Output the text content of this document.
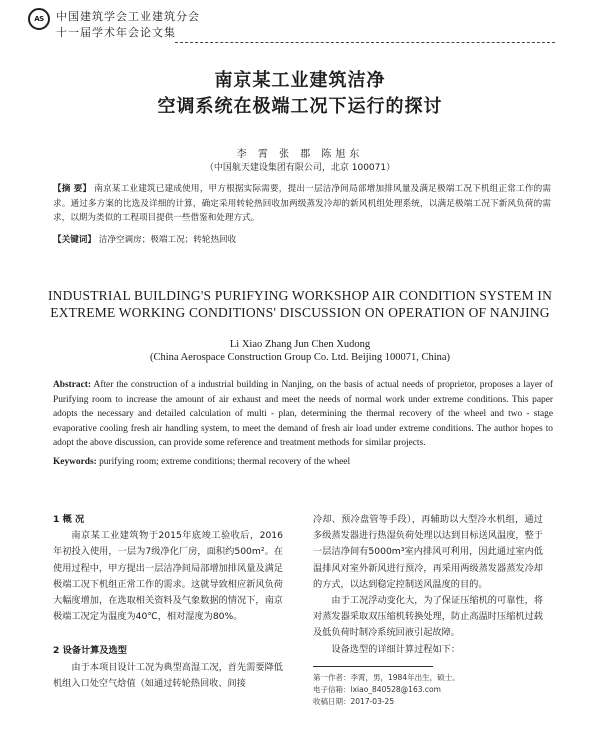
AS 中国建筑学会工业建筑分会
十一届学术年会论文集
南京某工业建筑洁净
空调系统在极端工况下运行的探讨
李 霄 张 郡 陈旭东
（中国航天建设集团有限公司，北京 100071）
【摘 要】 南京某工业建筑已建成使用，甲方根据实际需要，提出一层洁净间局部增加排风量及满足极端工况下机组正常工作的需求。通过多方案的比选及详细的计算，确定采用转轮热回收加两级蒸发冷却的新风机组处理系统，以满足极端工况下新风负荷的需求，以期为类似的工程项目提供一些借鉴和处理方式。
【关键词】 洁净空调房；极端工况；转轮热回收
INDUSTRIAL BUILDING'S PURIFYING WORKSHOP AIR CONDITION SYSTEM IN EXTREME WORKING CONDITIONS' DISCUSSION ON OPERATION OF NANJING
Li Xiao Zhang Jun Chen Xudong
(China Aerospace Construction Group Co. Ltd. Beijing 100071, China)
Abstract: After the construction of a industrial building in Nanjing, on the basis of actual needs of proprietor, proposes a layer of Purifying room to increase the amount of air exhaust and meet the needs of normal work under extreme conditions. This paper adopts the necessary and detailed calculation of multi - plan, determining the thermal recovery of the wheel and two - stage evaporative cooling fresh air handling system, to meet the demand of fresh air load under extreme conditions. The author hopes to adopt the above discussion, can provide some reference and treatment methods for similar projects.
Keywords: purifying room; extreme conditions; thermal recovery of the wheel

1 概 况

南京某工业建筑物于2015年底竣工验收后，2016年初投入使用，一层为7级净化厂房，面积约500m²。在使用过程中，甲方提出一层洁净间局部增加排风量及满足极端工况下机组正常工作的需求。这就导致相应新风负荷大幅度增加，在选取相关资料及气象数据的情况下，南京极端工况定为温度为40℃，相对湿度为80%。

2 设备计算及选型

由于本项目设计工况为典型高湿工况，首先需要降低机组入口处空气焓值（如通过转轮热回收、间接

冷却、预冷盘管等手段），再辅助以大型冷水机组，通过多级蒸发器进行热湿负荷处理以达到目标送风温度，整于一层洁净间有5000m³室内排风可利用，因此通过室内低温排风对室外新风进行预冷，再采用两级蒸发器蒸发冷却的方式，以达到稳定控制送风温度的目的。

由于工况浮动变化大，为了保证压缩机的可靠性，将对蒸发器采取双压缩机转换处理，防止高温时压缩机过载及低负荷时制冷系统回液引起故障。

设备选型的详细计算过程如下：

第一作者：李霄，男，1984年出生，硕士。
电子信箱：lxiao_840528@163.com
收稿日期：2017-03-25
